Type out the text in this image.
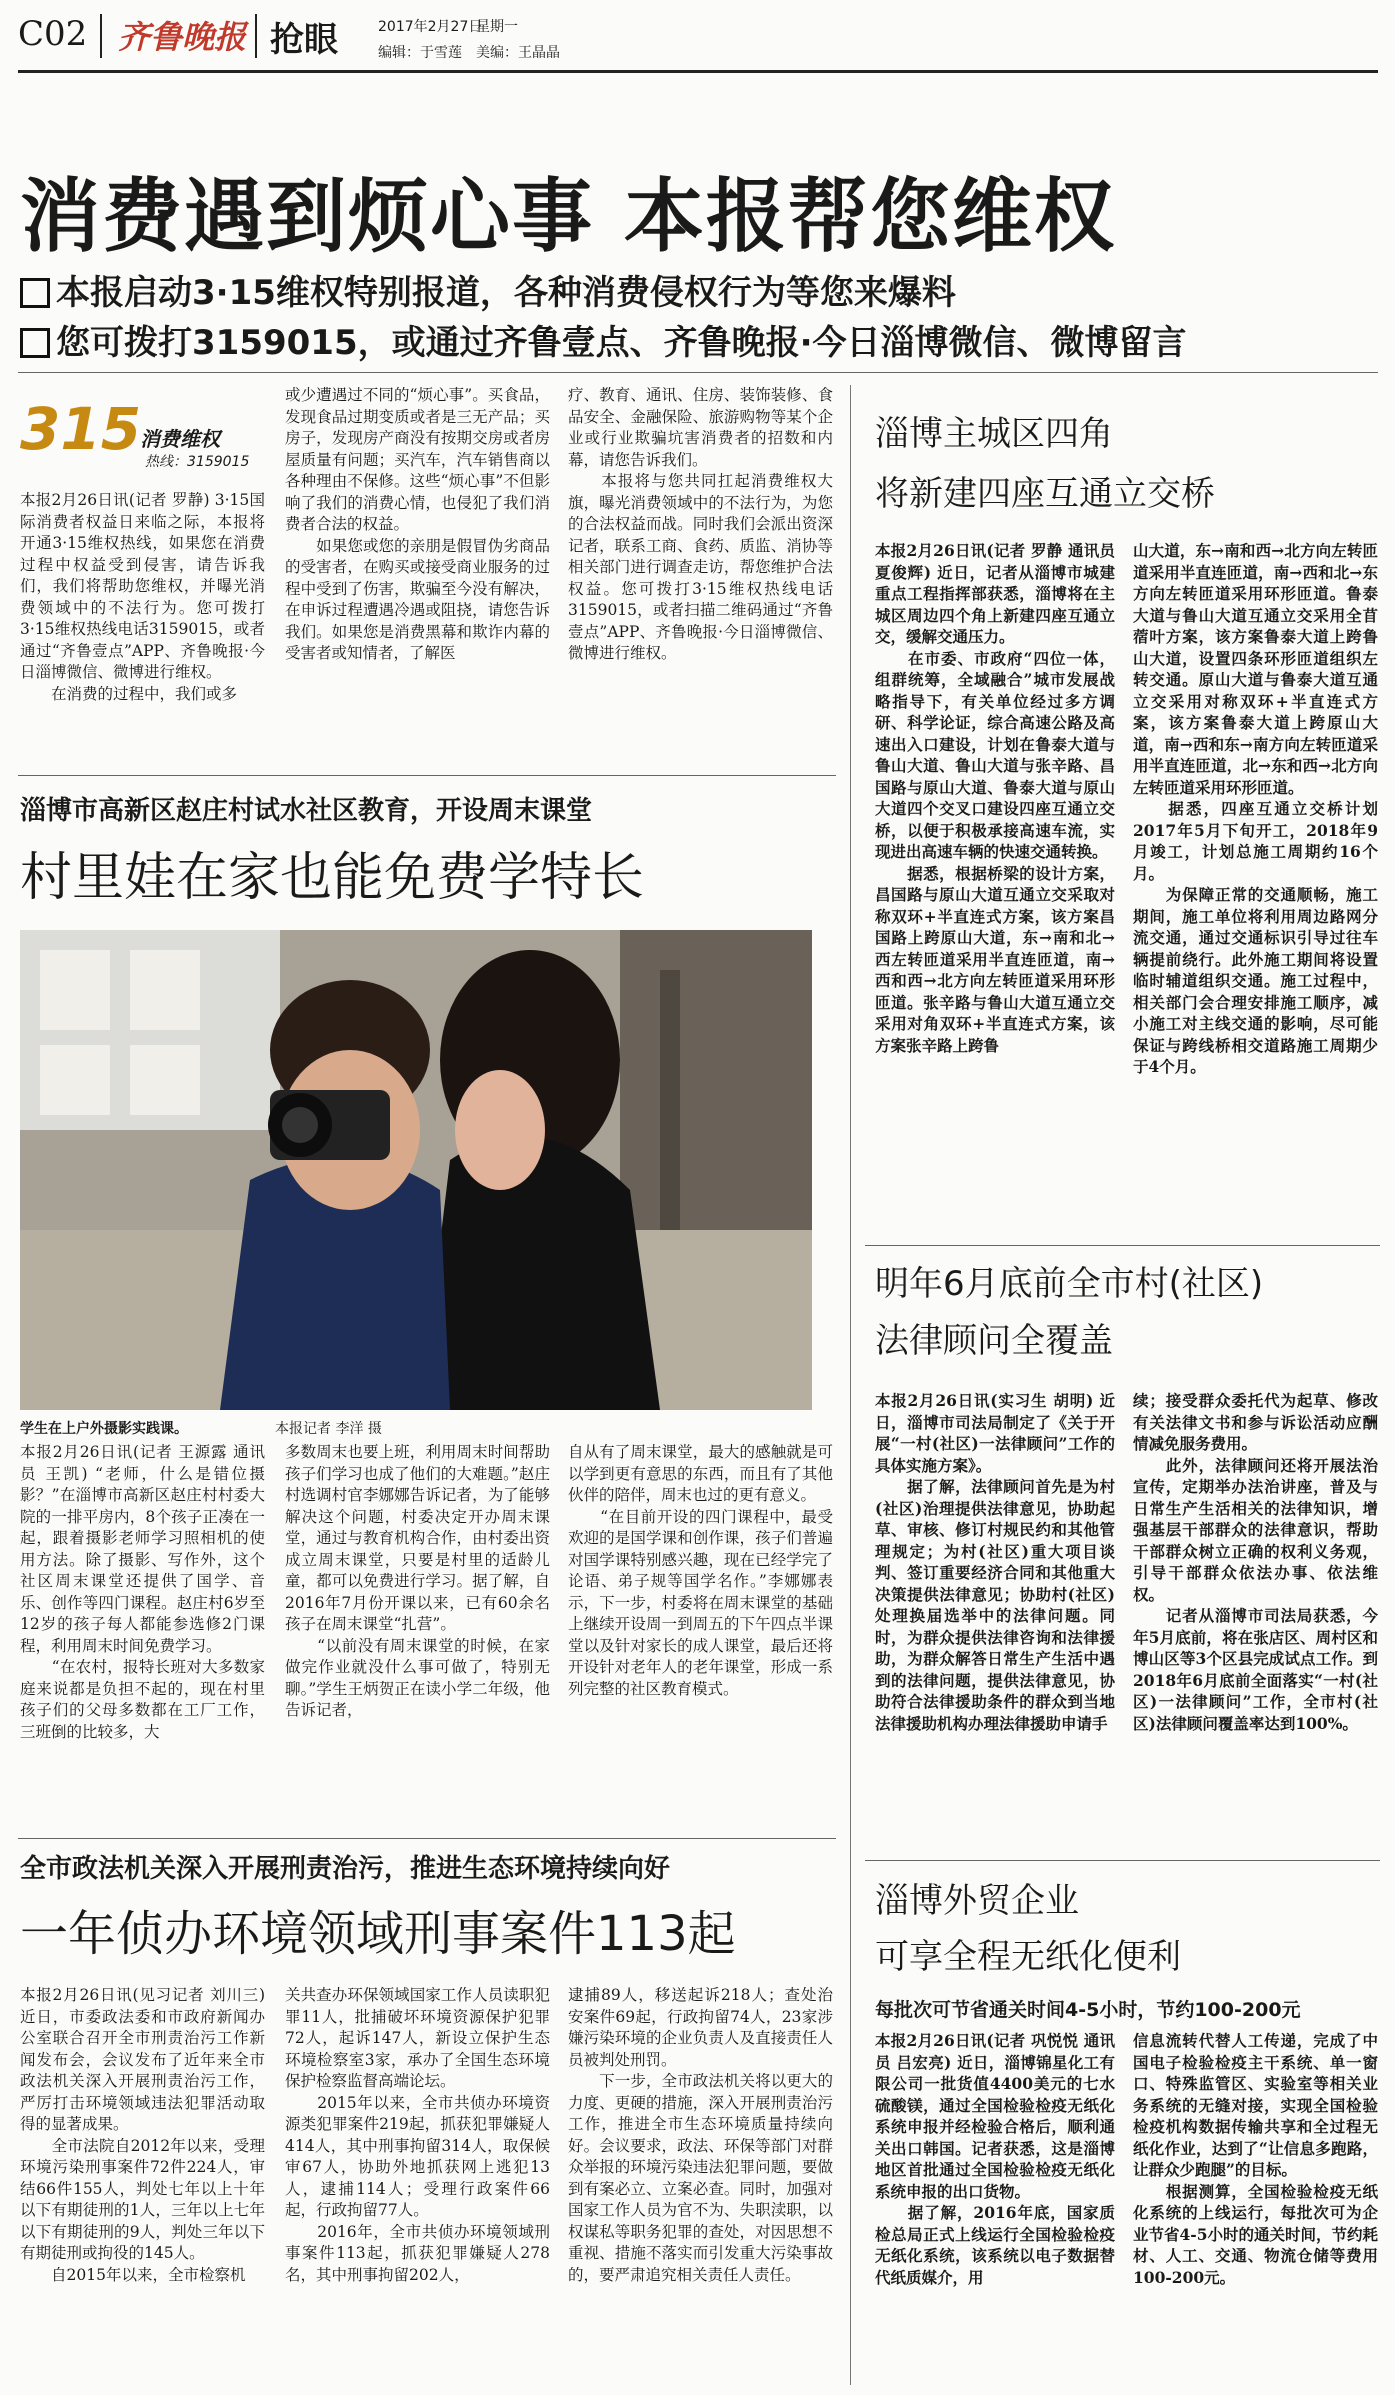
C02 齐鲁晚报 抢眼	2017年2月27日
星期一
编辑：于雪莲 美编：王晶晶
消费遇到烦心事 本报帮您维权
本报启动3·15维权特别报道，各种消费侵权行为等您来爆料
您可拨打3159015，或通过齐鲁壹点、齐鲁晚报·今日淄博微信、微博留言
315
消费维权
热线：3159015
本报2月26日讯(记者 罗静) 3·15国际消费者权益日来临之际，本报将开通3·15维权热线，如果您在消费过程中权益受到侵害，请告诉我们，我们将帮助您维权，并曝光消费领域中的不法行为。您可拨打3·15维权热线电话3159015，或者通过“齐鲁壹点”APP、齐鲁晚报·今日淄博微信、微博进行维权。
　　在消费的过程中，我们或多
或少遭遇过不同的“烦心事”。买食品，发现食品过期变质或者是三无产品；买房子，发现房产商没有按期交房或者房屋质量有问题；买汽车，汽车销售商以各种理由不保修。这些“烦心事”不但影响了我们的消费心情，也侵犯了我们消费者合法的权益。
　　如果您或您的亲朋是假冒伪劣商品的受害者，在购买或接受商业服务的过程中受到了伤害，欺骗至今没有解决，在申诉过程遭遇冷遇或阻挠，请您告诉我们。如果您是消费黑幕和欺诈内幕的受害者或知情者，了解医
疗、教育、通讯、住房、装饰装修、食品安全、金融保险、旅游购物等某个企业或行业欺骗坑害消费者的招数和内幕，请您告诉我们。
　　本报将与您共同扛起消费维权大旗，曝光消费领域中的不法行为，为您的合法权益而战。同时我们会派出资深记者，联系工商、食药、质监、消协等相关部门进行调查走访，帮您维护合法权益。您可拨打3·15维权热线电话3159015，或者扫描二维码通过“齐鲁壹点”APP、齐鲁晚报·今日淄博微信、微博进行维权。
淄博市高新区赵庄村试水社区教育，开设周末课堂
村里娃在家也能免费学特长
学生在上户外摄影实践课。	本报记者 李洋 摄
本报2月26日讯(记者 王源露 通讯员 王凯) “老师，什么是错位摄影？”在淄博市高新区赵庄村村委大院的一排平房内，8个孩子正凑在一起，跟着摄影老师学习照相机的使用方法。除了摄影、写作外，这个社区周末课堂还提供了国学、音乐、创作等四门课程。赵庄村6岁至12岁的孩子每人都能参选修2门课程，利用周末时间免费学习。
　　“在农村，报特长班对大多数家庭来说都是负担不起的，现在村里孩子们的父母多数都在工厂工作，三班倒的比较多，大
多数周末也要上班，利用周末时间帮助孩子们学习也成了他们的大难题。”赵庄村选调村官李娜娜告诉记者，为了能够解决这个问题，村委决定开办周末课堂，通过与教育机构合作，由村委出资成立周末课堂，只要是村里的适龄儿童，都可以免费进行学习。据了解，自2016年7月份开课以来，已有60余名孩子在周末课堂“扎营”。
　　“以前没有周末课堂的时候，在家做完作业就没什么事可做了，特别无聊。”学生王炳贺正在读小学二年级，他告诉记者，
自从有了周末课堂，最大的感触就是可以学到更有意思的东西，而且有了其他伙伴的陪伴，周末也过的更有意义。
　　“在目前开设的四门课程中，最受欢迎的是国学课和创作课，孩子们普遍对国学课特别感兴趣，现在已经学完了论语、弟子规等国学名作。”李娜娜表示，下一步，村委将在周末课堂的基础上继续开设周一到周五的下午四点半课堂以及针对家长的成人课堂，最后还将开设针对老年人的老年课堂，形成一系列完整的社区教育模式。
全市政法机关深入开展刑责治污，推进生态环境持续向好
一年侦办环境领域刑事案件113起
本报2月26日讯(见习记者 刘川三) 近日，市委政法委和市政府新闻办公室联合召开全市刑责治污工作新闻发布会，会议发布了近年来全市政法机关深入开展刑责治污工作，严厉打击环境领域违法犯罪活动取得的显著成果。
　　全市法院自2012年以来，受理环境污染刑事案件72件224人，审结66件155人，判处七年以上十年以下有期徒刑的1人，三年以上七年以下有期徒刑的9人，判处三年以下有期徒刑或拘役的145人。
　　自2015年以来，全市检察机
关共查办环保领域国家工作人员读职犯罪11人，批捕破坏环境资源保护犯罪72人，起诉147人，新设立保护生态环境检察室3家，承办了全国生态环境保护检察监督高端论坛。
　　2015年以来，全市共侦办环境资源类犯罪案件219起，抓获犯罪嫌疑人414人，其中刑事拘留314人，取保候审67人，协助外地抓获网上逃犯13人，逮捕114人；受理行政案件66起，行政拘留77人。
　　2016年，全市共侦办环境领域刑事案件113起，抓获犯罪嫌疑人278名，其中刑事拘留202人，
逮捕89人，移送起诉218人；查处治安案件69起，行政拘留74人，23家涉嫌污染环境的企业负责人及直接责任人员被判处刑罚。
　　下一步，全市政法机关将以更大的力度、更硬的措施，深入开展刑责治污工作，推进全市生态环境质量持续向好。会议要求，政法、环保等部门对群众举报的环境污染违法犯罪问题，要做到有案必立、立案必查。同时，加强对国家工作人员为官不为、失职渎职，以权谋私等职务犯罪的查处，对因思想不重视、措施不落实而引发重大污染事故的，要严肃追究相关责任人责任。
淄博主城区四角
将新建四座互通立交桥
本报2月26日讯(记者 罗静 通讯员 夏俊辉) 近日，记者从淄博市城建重点工程指挥部获悉，淄博将在主城区周边四个角上新建四座互通立交，缓解交通压力。
　　在市委、市政府“四位一体，组群统筹，全域融合”城市发展战略指导下，有关单位经过多方调研、科学论证，综合高速公路及高速出入口建设，计划在鲁泰大道与鲁山大道、鲁山大道与张辛路、昌国路与原山大道、鲁泰大道与原山大道四个交叉口建设四座互通立交桥，以便于积极承接高速车流，实现进出高速车辆的快速交通转换。
　　据悉，根据桥梁的设计方案，昌国路与原山大道互通立交采取对称双环+半直连式方案，该方案昌国路上跨原山大道，东→南和北→西左转匝道采用半直连匝道，南→西和西→北方向左转匝道采用环形匝道。张辛路与鲁山大道互通立交采用对角双环+半直连式方案，该方案张辛路上跨鲁
山大道，东→南和西→北方向左转匝道采用半直连匝道，南→西和北→东方向左转匝道采用环形匝道。鲁泰大道与鲁山大道互通立交采用全苜蓿叶方案，该方案鲁泰大道上跨鲁山大道，设置四条环形匝道组织左转交通。原山大道与鲁泰大道互通立交采用对称双环+半直连式方案，该方案鲁泰大道上跨原山大道，南→西和东→南方向左转匝道采用半直连匝道，北→东和西→北方向左转匝道采用环形匝道。
　　据悉，四座互通立交桥计划2017年5月下旬开工，2018年9月竣工，计划总施工周期约16个月。
　　为保障正常的交通顺畅，施工期间，施工单位将利用周边路网分流交通，通过交通标识引导过往车辆提前绕行。此外施工期间将设置临时辅道组织交通。施工过程中，相关部门会合理安排施工顺序，减小施工对主线交通的影响，尽可能保证与跨线桥相交道路施工周期少于4个月。
明年6月底前全市村(社区)
法律顾问全覆盖
本报2月26日讯(实习生 胡明) 近日，淄博市司法局制定了《关于开展“一村(社区)一法律顾问”工作的具体实施方案》。
　　据了解，法律顾问首先是为村(社区)治理提供法律意见，协助起草、审核、修订村规民约和其他管理规定；为村(社区)重大项目谈判、签订重要经济合同和其他重大决策提供法律意见；协助村(社区)处理换届选举中的法律问题。同时，为群众提供法律咨询和法律援助，为群众解答日常生产生活中遇到的法律问题，提供法律意见，协助符合法律援助条件的群众到当地法律援助机构办理法律援助申请手
续；接受群众委托代为起草、修改有关法律文书和参与诉讼活动应酬情减免服务费用。
　　此外，法律顾问还将开展法治宣传，定期举办法治讲座，普及与日常生产生活相关的法律知识，增强基层干部群众的法律意识，帮助干部群众树立正确的权利义务观，引导干部群众依法办事、依法维权。
　　记者从淄博市司法局获悉，今年5月底前，将在张店区、周村区和博山区等3个区县完成试点工作。到2018年6月底前全面落实“一村(社区)一法律顾问”工作，全市村(社区)法律顾问覆盖率达到100%。
淄博外贸企业
可享全程无纸化便利
每批次可节省通关时间4-5小时，节约100-200元
本报2月26日讯(记者 巩悦悦 通讯员 吕宏亮) 近日，淄博锦星化工有限公司一批货值4400美元的七水硫酸镁，通过全国检验检疫无纸化系统申报并经检验合格后，顺利通关出口韩国。记者获悉，这是淄博地区首批通过全国检验检疫无纸化系统申报的出口货物。
　　据了解，2016年底，国家质检总局正式上线运行全国检验检疫无纸化系统，该系统以电子数据替代纸质媒介，用
信息流转代替人工传递，完成了中国电子检验检疫主干系统、单一窗口、特殊监管区、实验室等相关业务系统的无缝对接，实现全国检验检疫机构数据传输共享和全过程无纸化作业，达到了“让信息多跑路，让群众少跑腿”的目标。
　　根据测算，全国检验检疫无纸化系统的上线运行，每批次可为企业节省4-5小时的通关时间，节约耗材、人工、交通、物流仓储等费用100-200元。
